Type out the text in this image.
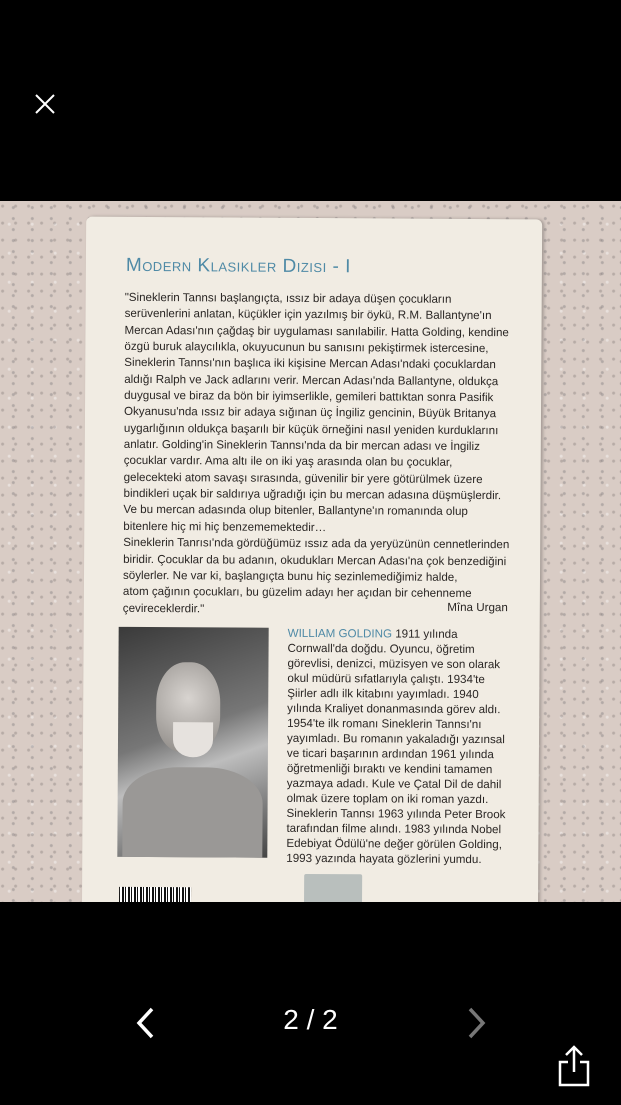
Modern Klasikler Dizisi - I
"Sineklerin Tannsı başlangıçta, ıssız bir adaya düşen çocukların
serüvenlerini anlatan, küçükler için yazılmış bir öykü, R.M. Ballantyne'ın
Mercan Adası'nın çağdaş bir uygulaması sanılabilir. Hatta Golding, kendine
özgü buruk alaycılıkla, okuyucunun bu sanısını pekiştirmek istercesine,
Sineklerin Tannsı'nın başlıca iki kişisine Mercan Adası'ndaki çocuklardan
aldığı Ralph ve Jack adlarını verir. Mercan Adası'nda Ballantyne, oldukça
duygusal ve biraz da bön bir iyimserlikle, gemileri battıktan sonra Pasifik
Okyanusu'nda ıssız bir adaya sığınan üç İngiliz gencinin, Büyük Britanya
uygarlığının oldukça başarılı bir küçük örneğini nasıl yeniden kurduklarını
anlatır. Golding'in Sineklerin Tannsı'nda da bir mercan adası ve İngiliz
çocuklar vardır. Ama altı ile on iki yaş arasında olan bu çocuklar,
gelecekteki atom savaşı sırasında, güvenilir bir yere götürülmek üzere
bindikleri uçak bir saldırıya uğradığı için bu mercan adasına düşmüşlerdir.
Ve bu mercan adasında olup bitenler, Ballantyne'ın romanında olup
bitenlere hiç mi hiç benzememektedir…
Sineklerin Tanrısı'nda gördüğümüz ıssız ada da yeryüzünün cennetlerinden
biridir. Çocuklar da bu adanın, okudukları Mercan Adası'na çok benzediğini
söylerler. Ne var ki, başlangıçta bunu hiç sezinlemediğimiz halde,
atom çağının çocukları, bu güzelim adayı her açıdan bir cehenneme
çevireceklerdir."	Mîna Urgan
WILLIAM GOLDING 1911 yılında
Cornwall'da doğdu. Oyuncu, öğretim
görevlisi, denizci, müzisyen ve son olarak
okul müdürü sıfatlarıyla çalıştı. 1934'te
Şiirler adlı ilk kitabını yayımladı. 1940
yılında Kraliyet donanmasında görev aldı.
1954'te ilk romanı Sineklerin Tannsı'nı
yayımladı. Bu romanın yakaladığı yazınsal
ve ticari başarının ardından 1961 yılında
öğretmenliği bıraktı ve kendini tamamen
yazmaya adadı. Kule ve Çatal Dil de dahil
olmak üzere toplam on iki roman yazdı.
Sineklerin Tannsı 1963 yılında Peter Brook
tarafından filme alındı. 1983 yılında Nobel
Edebiyat Ödülü'ne değer görülen Golding,
1993 yazında hayata gözlerini yumdu.
2 / 2
